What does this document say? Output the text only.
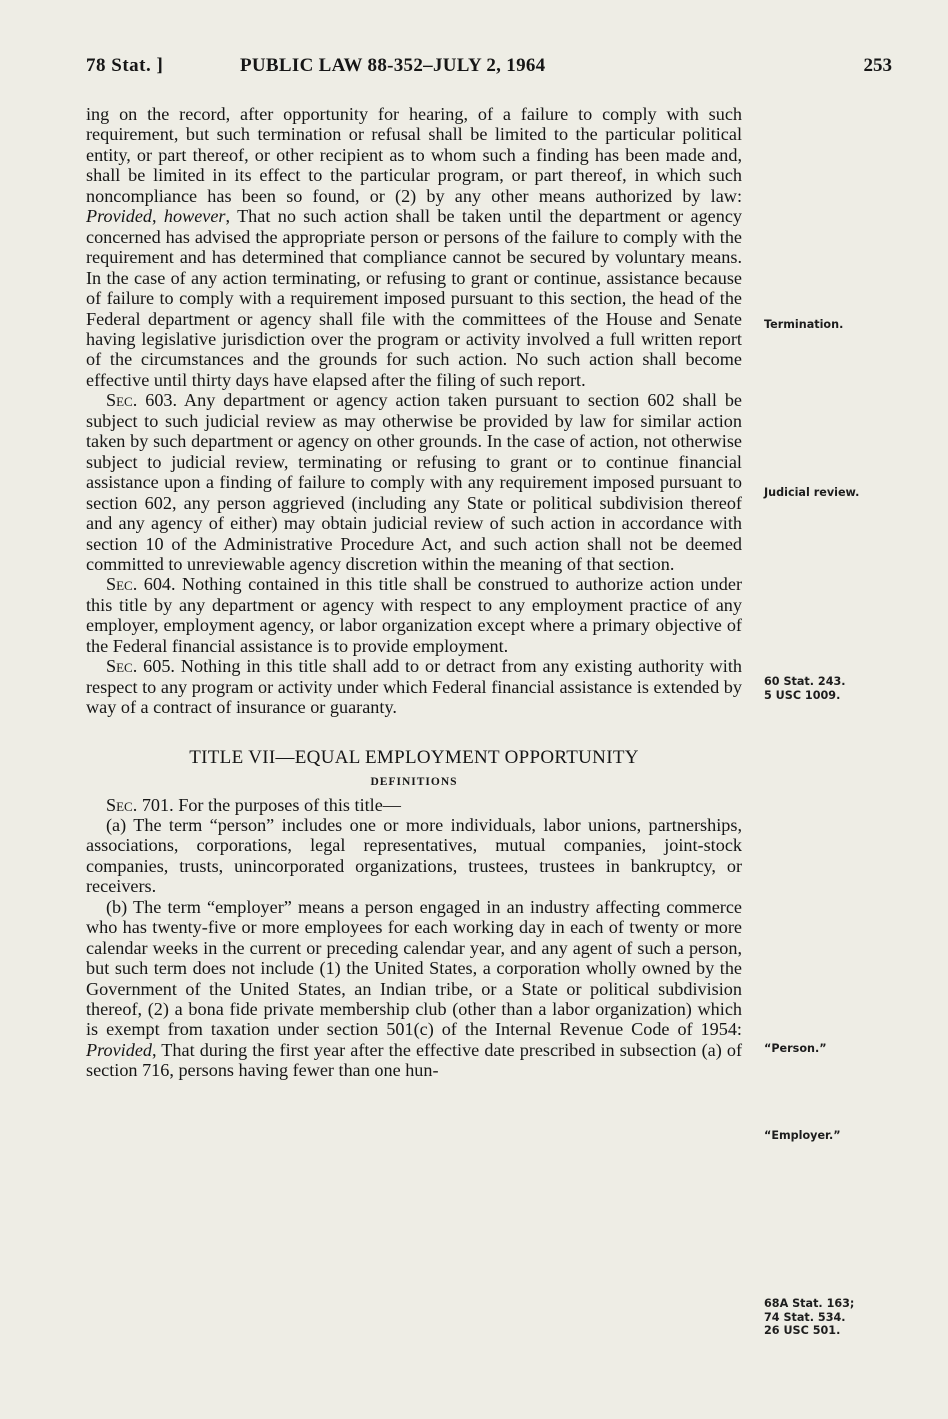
78 Stat. ]	PUBLIC LAW 88-352–JULY 2, 1964	253

ing on the record, after opportunity for hearing, of a failure to comply with such requirement, but such termination or refusal shall be limited to the particular political entity, or part thereof, or other recipient as to whom such a finding has been made and, shall be limited in its effect to the particular program, or part thereof, in which such noncompliance has been so found, or (2) by any other means authorized by law: Provided, however, That no such action shall be taken until the department or agency concerned has advised the appropriate person or persons of the failure to comply with the requirement and has determined that compliance cannot be secured by voluntary means. In the case of any action terminating, or refusing to grant or continue, assistance because of failure to comply with a requirement imposed pursuant to this section, the head of the Federal department or agency shall file with the committees of the House and Senate having legislative jurisdiction over the program or activity involved a full written report of the circumstances and the grounds for such action. No such action shall become effective until thirty days have elapsed after the filing of such report.

Sec. 603. Any department or agency action taken pursuant to section 602 shall be subject to such judicial review as may otherwise be provided by law for similar action taken by such department or agency on other grounds. In the case of action, not otherwise subject to judicial review, terminating or refusing to grant or to continue financial assistance upon a finding of failure to comply with any requirement imposed pursuant to section 602, any person aggrieved (including any State or political subdivision thereof and any agency of either) may obtain judicial review of such action in accordance with section 10 of the Administrative Procedure Act, and such action shall not be deemed committed to unreviewable agency discretion within the meaning of that section.

Sec. 604. Nothing contained in this title shall be construed to authorize action under this title by any department or agency with respect to any employment practice of any employer, employment agency, or labor organization except where a primary objective of the Federal financial assistance is to provide employment.

Sec. 605. Nothing in this title shall add to or detract from any existing authority with respect to any program or activity under which Federal financial assistance is extended by way of a contract of insurance or guaranty.

TITLE VII—EQUAL EMPLOYMENT OPPORTUNITY
DEFINITIONS

Sec. 701. For the purposes of this title—

(a) The term “person” includes one or more individuals, labor unions, partnerships, associations, corporations, legal representatives, mutual companies, joint-stock companies, trusts, unincorporated organizations, trustees, trustees in bankruptcy, or receivers.

(b) The term “employer” means a person engaged in an industry affecting commerce who has twenty-five or more employees for each working day in each of twenty or more calendar weeks in the current or preceding calendar year, and any agent of such a person, but such term does not include (1) the United States, a corporation wholly owned by the Government of the United States, an Indian tribe, or a State or political subdivision thereof, (2) a bona fide private membership club (other than a labor organization) which is exempt from taxation under section 501(c) of the Internal Revenue Code of 1954: Provided, That during the first year after the effective date prescribed in subsection (a) of section 716, persons having fewer than one hun-

Termination.
Judicial review.
60 Stat. 243.
5 USC 1009.
“Person.”
“Employer.”
68A Stat. 163;
74 Stat. 534.
26 USC 501.
